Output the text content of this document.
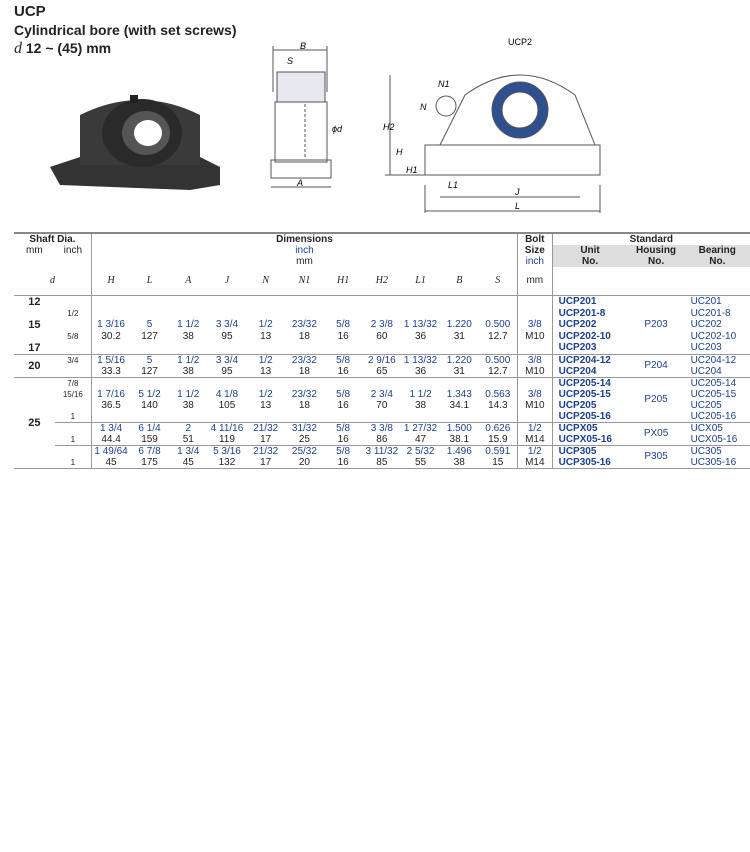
UCP
Cylindrical bore (with set screws)
d 12 ~ (45) mm	B
S
ϕd
A
UCP2
N1
N
H2
H
H1
L1
J
L
Shaft Dia.		Dimensions											Bolt	Standard		
mm	inch	inch											Size	Unit	Housing	Bearing
		mm											inch	No.	No.	No.
d		H	L	A	J	N	N1	H1	H2	L1	B	S	mm			
12														UCP201		UC201
	1/2													UCP201-8		UC201-8
15		1 3/16	5	1 1/2	3 3/4	1/2	23/32	5/8	2 3/8	1 13/32	1.220	0.500	3/8	UCP202	P203	UC202
	5/8	30.2	127	38	95	13	18	16	60	36	31	12.7	M10	UCP202-10		UC202-10
17														UCP203		UC203
20	3/4	1 5/16	5	1 1/2	3 3/4	1/2	23/32	5/8	2 9/16	1 13/32	1.220	0.500	3/8	UCP204-12	P204	UC204-12
		33.3	127	38	95	13	18	16	65	36	31	12.7	M10	UCP204		UC204
25	7/8													UCP205-14	P205	UC205-14
	15/16	1 7/16	5 1/2	1 1/2	4 1/8	1/2	23/32	5/8	2 3/4	1 1/2	1.343	0.563	3/8	UCP205-15		UC205-15
		36.5	140	38	105	13	18	16	70	38	34.1	14.3	M10	UCP205		UC205
	1													UCP205-16		UC205-16
		1 3/4	6 1/4	2	4 11/16	21/32	31/32	5/8	3 3/8	1 27/32	1.500	0.626	1/2	UCPX05	PX05	UCX05
	1	44.4	159	51	119	17	25	16	86	47	38.1	15.9	M14	UCPX05-16		UCX05-16
		1 49/64	6 7/8	1 3/4	5 3/16	21/32	25/32	5/8	3 11/32	2 5/32	1.496	0.591	1/2	UCP305	P305	UC305
	1	45	175	45	132	17	20	16	85	55	38	15	M14	UCP305-16		UC305-16
